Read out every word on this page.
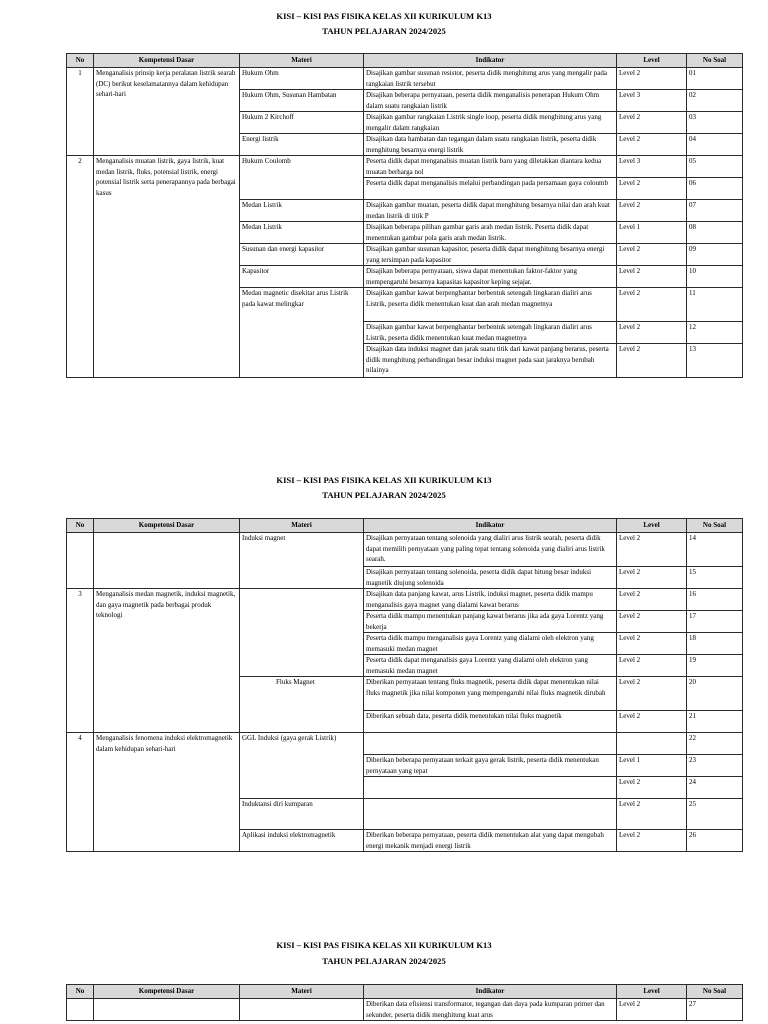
KISI – KISI PAS FISIKA KELAS XII KURIKULUM K13

TAHUN PELAJARAN 2024/2025

No	Kompetensi Dasar	Materi	Indikator	Level	No Soal
1	Menganalisis prinsip kerja peralatan listrik searah (DC) berikut keselamatannya dalam kehidupan sehari-hari	Hukum Ohm	Disajikan gambar susunan resistor, peserta didik menghitung arus yang mengalir pada rangkaian listrik tersebut	Level 2	01
		Hukum Ohm, Susunan Hambatan	Disajikan beberapa pernyataan, peserta didik menganalisis penerapan Hukum Ohm dalam suatu rangkaian listrik	Level 3	02
		Hukum 2 Kirchoff	Disajikan gambar rangkaian Listrik single loop, peserta didik menghitung arus yang mengalir dalam rangkaian	Level 2	03
		Energi listrik	Disajikan data hambatan dan tegangan dalam suatu rangkaian listrik, peserta didik menghitung besarnya energi listrik	Level 2	04
2	Menganalisis muatan listrik, gaya listrik, kuat medan listrik, fluks, potensial listrik, energi potensial listrik serta penerapannya pada berbagai kasus	Hukum Coulomb	Peserta didik dapat menganalisis muatan listrik baru yang diletakkan diantara kedua muatan berharga nol	Level 3	05
			Peserta didik dapat menganalisis melalui perbandingan pada persamaan gaya coloumb	Level 2	06
		Medan Listrik	Disajikan gambar muatan, peserta didik dapat menghitung besarnya nilai dan arah kuat medan listrik di titik P	Level 2	07
		Medan Listrik	Disajikan beberapa pilihan gambar garis arah medan listrik. Peserta didik dapat menentukan gambar pola garis arah medan listrik.	Level 1	08
		Susunan dan energi kapasitor	Disajikan gambar susunan kapasitor, peserta didik dapat menghitung besarnya energi yang tersimpan pada kapasitor	Level 2	09
		Kapasitor	Disajikan beberapa pernyataan, siswa dapat menentukan faktor-faktor yang mempengaruhi besarnya kapasitas kapasitor keping sejajar.	Level 2	10
		Medan magnetic disekitar arus Listrik pada kawat melingkar	Disajikan gambar kawat berpenghantar berbentuk setengah lingkaran dialiri arus Listrik, peserta didik menentukan kuat dan arah medan magnetnya	Level 2	11
			Disajikan gambar kawat berpenghantar berbentuk setengah lingkaran dialiri arus Listrik, peserta didik menentukan kuat medan magnetnya	Level 2	12
			Disajikan data induksi magnet dan jarak suatu titik dari kawat panjang berarus, peserta didik menghitung perbandingan besar induksi magnet pada saat jaraknya berubah nilainya	Level 2	13

KISI – KISI PAS FISIKA KELAS XII KURIKULUM K13

TAHUN PELAJARAN 2024/2025

No	Kompetensi Dasar	Materi	Indikator	Level	No Soal
		Induksi magnet	Disajikan pernyataan tentang solenoida yang dialiri arus listrik searah, peserta didik dapat memilih pernyataan yang paling tepat tentang solenoida yang dialiri arus listrik searah.	Level 2	14
			Disajikan pernyataan tentang solenoida, peserta didik dapat hitung besar induksi magnetik diujung solenoida	Level 2	15
3	Menganalisis medan magnetik, induksi magnetik, dan gaya magnetik pada berbagai produk teknologi		Disajikan data panjang kawat, arus Listrik, induksi magnet, peserta didik mampu menganalisis gaya magnet yang dialami kawat berarus	Level 2	16
			Peserta didik mampu menentukan panjang kawat berarus jika ada gaya Lorentz yang bekerja	Level 2	17
			Peserta didik mampu menganalisis gaya Lorentz yang dialami oleh elektron yang memasuki medan magnet	Level 2	18
			Peserta didik dapat menganalisis gaya Lorentz yang dialami oleh elektron yang memasuki medan magnet	Level 2	19
		Fluks Magnet	Diberikan pernyataan tentang fluks magnetik, peserta didik dapat menentukan nilai fluks magnetik jika nilai komponen yang mempengaruhi nilai fluks magnetik dirubah	Level 2	20
			Diberikan sebuah data, peserta didik menentukan nilai fluks magnetik	Level 2	21
4	Menganalisis fenomena induksi elektromagnetik dalam kehidupan sehari-hari	GGL Induksi (gaya gerak Listrik)			22
			Diberikan beberapa pernyataan terkait gaya gerak listrik, peserta didik menentukan pernyataan yang tepat	Level 1	23
				Level 2	24
		Induktansi diri kumparan		Level 2	25
		Aplikasi induksi elektromagnetik	Diberikan beberapa pernyataan, peserta didik menentukan alat yang dapat mengubah energi mekanik menjadi energi listrik	Level 2	26

KISI – KISI PAS FISIKA KELAS XII KURIKULUM K13

TAHUN PELAJARAN 2024/2025

No	Kompetensi Dasar	Materi	Indikator	Level	No Soal
			Diberikan data efisiensi transformator, tegangan dan daya pada kumparan primer dan sekunder, peserta didik menghitung kuat arus	Level 2	27
